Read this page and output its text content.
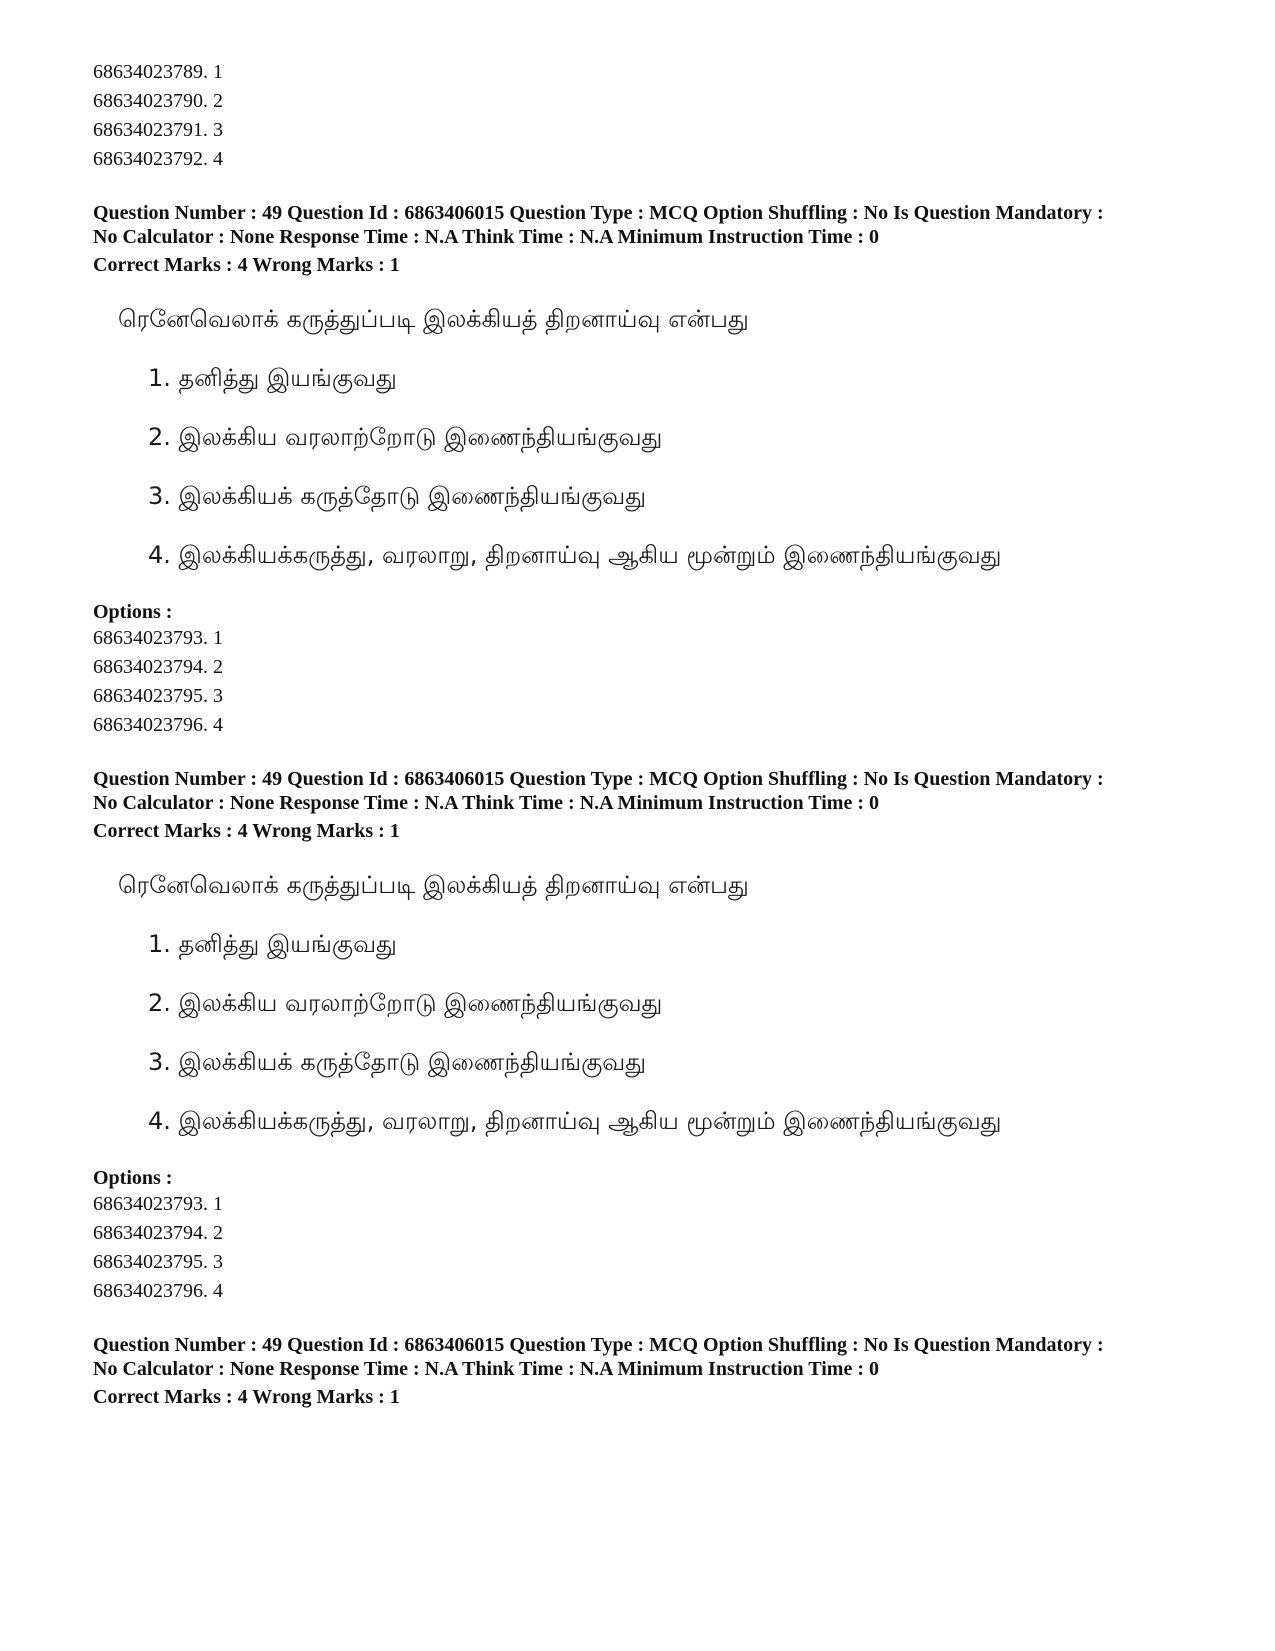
68634023789. 1
68634023790. 2
68634023791. 3
68634023792. 4
Question Number : 49 Question Id : 6863406015 Question Type : MCQ Option Shuffling : No Is Question Mandatory :
No Calculator : None Response Time : N.A Think Time : N.A Minimum Instruction Time : 0
Correct Marks : 4 Wrong Marks : 1
ரெனேவெலாக் கருத்துப்படி இலக்கியத் திறனாய்வு என்பது
1. தனித்து இயங்குவது
2. இலக்கிய வரலாற்றோடு இணைந்தியங்குவது
3. இலக்கியக் கருத்தோடு இணைந்தியங்குவது
4. இலக்கியக்கருத்து, வரலாறு, திறனாய்வு ஆகிய மூன்றும் இணைந்தியங்குவது
Options :
68634023793. 1
68634023794. 2
68634023795. 3
68634023796. 4
Question Number : 49 Question Id : 6863406015 Question Type : MCQ Option Shuffling : No Is Question Mandatory :
No Calculator : None Response Time : N.A Think Time : N.A Minimum Instruction Time : 0
Correct Marks : 4 Wrong Marks : 1
ரெனேவெலாக் கருத்துப்படி இலக்கியத் திறனாய்வு என்பது
1. தனித்து இயங்குவது
2. இலக்கிய வரலாற்றோடு இணைந்தியங்குவது
3. இலக்கியக் கருத்தோடு இணைந்தியங்குவது
4. இலக்கியக்கருத்து, வரலாறு, திறனாய்வு ஆகிய மூன்றும் இணைந்தியங்குவது
Options :
68634023793. 1
68634023794. 2
68634023795. 3
68634023796. 4
Question Number : 49 Question Id : 6863406015 Question Type : MCQ Option Shuffling : No Is Question Mandatory :
No Calculator : None Response Time : N.A Think Time : N.A Minimum Instruction Time : 0
Correct Marks : 4 Wrong Marks : 1
